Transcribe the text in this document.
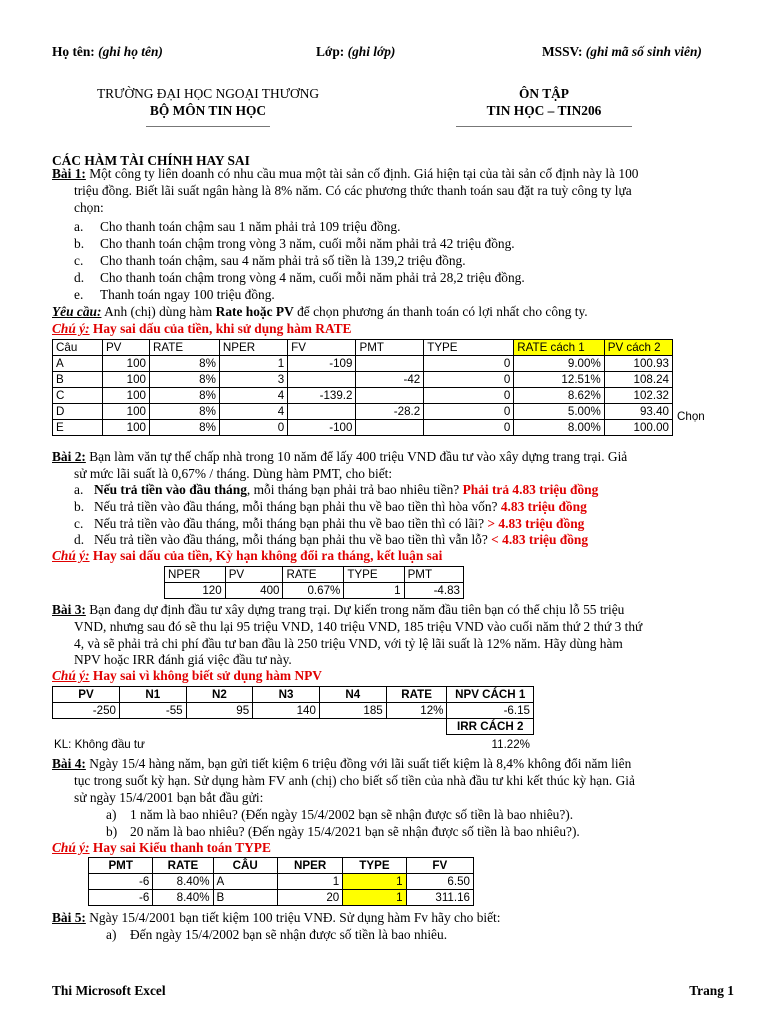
Họ tên: (ghi họ tên)	Lớp: (ghi lớp)	MSSV: (ghi mã số sinh viên)
TRƯỜNG ĐẠI HỌC NGOẠI THƯƠNG
BỘ MÔN TIN HỌC
ÔN TẬP
TIN HỌC – TIN206
CÁC HÀM TÀI CHÍNH HAY SAI
Bài 1: Một công ty liên doanh có nhu cầu mua một tài sản cố định. Giá hiện tại của tài sản cố định này là 100
triệu đồng. Biết lãi suất ngân hàng là 8% năm. Có các phương thức thanh toán sau đặt ra tuỳ công ty lựa
chọn:
a. Cho thanh toán chậm sau 1 năm phải trả 109 triệu đồng.
b. Cho thanh toán chậm trong vòng 3 năm, cuối mỗi năm phải trả 42 triệu đồng.
c. Cho thanh toán chậm, sau 4 năm phải trả số tiền là 139,2 triệu đồng.
d. Cho thanh toán chậm trong vòng 4 năm, cuối mỗi năm phải trả 28,2 triệu đồng.
e. Thanh toán ngay 100 triệu đồng.
Yêu cầu: Anh (chị) dùng hàm Rate hoặc PV để chọn phương án thanh toán có lợi nhất cho công ty.
Chú ý: Hay sai dấu của tiền, khi sử dụng hàm RATE
Câu	PV	RATE	NPER	FV	PMT	TYPE	RATE cách 1	PV cách 2
A	100	8%	1	-109		0	9.00%	100.93
B	100	8%	3		-42	0	12.51%	108.24
C	100	8%	4	-139.2		0	8.62%	102.32
D	100	8%	4		-28.2	0	5.00%	93.40
E	100	8%	0	-100		0	8.00%	100.00
Chọn
Bài 2: Bạn làm văn tự thế chấp nhà trong 10 năm để lấy 400 triệu VND đầu tư vào xây dựng trang trại. Giả
sử mức lãi suất là 0,67% / tháng. Dùng hàm PMT, cho biết:
a. Nếu trả tiền vào đầu tháng, mỗi tháng bạn phải trả bao nhiêu tiền? Phải trả 4.83 triệu đồng
b. Nếu trả tiền vào đầu tháng, mỗi tháng bạn phải thu về bao tiền thì hòa vốn? 4.83 triệu đồng
c. Nếu trả tiền vào đầu tháng, mỗi tháng bạn phải thu về bao tiền thì có lãi? > 4.83 triệu đồng
d. Nếu trả tiền vào đầu tháng, mỗi tháng bạn phải thu về bao tiền thì vẫn lỗ? < 4.83 triệu đồng
Chú ý: Hay sai dấu của tiền, Kỳ hạn không đổi ra tháng, kết luận sai
NPER	PV	RATE	TYPE	PMT
120	400	0.67%	1	-4.83
Bài 3: Bạn đang dự định đầu tư xây dựng trang trại. Dự kiến trong năm đầu tiên bạn có thể chịu lỗ 55 triệu
VND, nhưng sau đó sẽ thu lại 95 triệu VND, 140 triệu VND, 185 triệu VND vào cuối năm thứ 2 thứ 3 thứ
4, và sẽ phải trả chi phí đầu tư ban đầu là 250 triệu VND, với tỷ lệ lãi suất là 12% năm. Hãy dùng hàm
NPV hoặc IRR đánh giá việc đầu tư này.
Chú ý: Hay sai vì không biết sử dụng hàm NPV
PV	N1	N2	N3	N4	RATE	NPV CÁCH 1
-250	-55	95	140	185	12%	-6.15
						IRR CÁCH 2
KL: Không đầu tư	11.22%
Bài 4: Ngày 15/4 hàng năm, bạn gửi tiết kiệm 6 triệu đồng với lãi suất tiết kiệm là 8,4% không đổi năm liên
tục trong suốt kỳ hạn. Sử dụng hàm FV anh (chị) cho biết số tiền của nhà đầu tư khi kết thúc kỳ hạn. Giả
sử ngày 15/4/2001 bạn bắt đầu gửi:
a) 1 năm là bao nhiêu? (Đến ngày 15/4/2002 bạn sẽ nhận được số tiền là bao nhiêu?).
b) 20 năm là bao nhiêu? (Đến ngày 15/4/2021 bạn sẽ nhận được số tiền là bao nhiêu?).
Chú ý: Hay sai Kiểu thanh toán TYPE
PMT	RATE	CÂU	NPER	TYPE	FV
-6	8.40%	A	1	1	6.50
-6	8.40%	B	20	1	311.16
Bài 5: Ngày 15/4/2001 bạn tiết kiệm 100 triệu VNĐ. Sử dụng hàm Fv hãy cho biết:
a) Đến ngày 15/4/2002 bạn sẽ nhận được số tiền là bao nhiêu.
Thi Microsoft Excel	Trang 1
